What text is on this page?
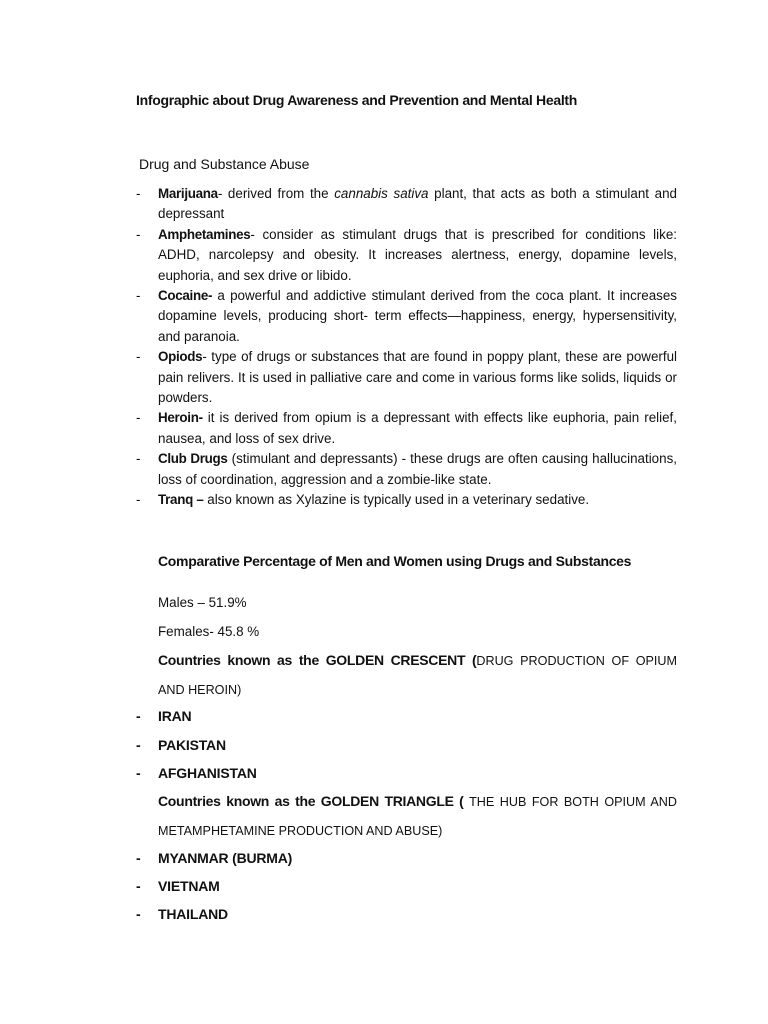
Infographic about Drug Awareness and Prevention and Mental Health
Drug and Substance Abuse
- Marijuana- derived from the cannabis sativa plant, that acts as both a stimulant and depressant
- Amphetamines- consider as stimulant drugs that is prescribed for conditions like: ADHD, narcolepsy and obesity. It increases alertness, energy, dopamine levels, euphoria, and sex drive or libido.
- Cocaine- a powerful and addictive stimulant derived from the coca plant. It increases dopamine levels, producing short- term effects—happiness, energy, hypersensitivity, and paranoia.
- Opiods- type of drugs or substances that are found in poppy plant, these are powerful pain relivers. It is used in palliative care and come in various forms like solids, liquids or powders.
- Heroin- it is derived from opium is a depressant with effects like euphoria, pain relief, nausea, and loss of sex drive.
- Club Drugs (stimulant and depressants) - these drugs are often causing hallucinations, loss of coordination, aggression and a zombie-like state.
- Tranq – also known as Xylazine is typically used in a veterinary sedative.
Comparative Percentage of Men and Women using Drugs and Substances
Males – 51.9%
Females- 45.8 %
Countries known as the GOLDEN CRESCENT (DRUG PRODUCTION OF OPIUM AND HEROIN)
- IRAN
- PAKISTAN
- AFGHANISTAN
Countries known as the GOLDEN TRIANGLE ( THE HUB FOR BOTH OPIUM AND METAMPHETAMINE PRODUCTION AND ABUSE)
- MYANMAR (BURMA)
- VIETNAM
- THAILAND
